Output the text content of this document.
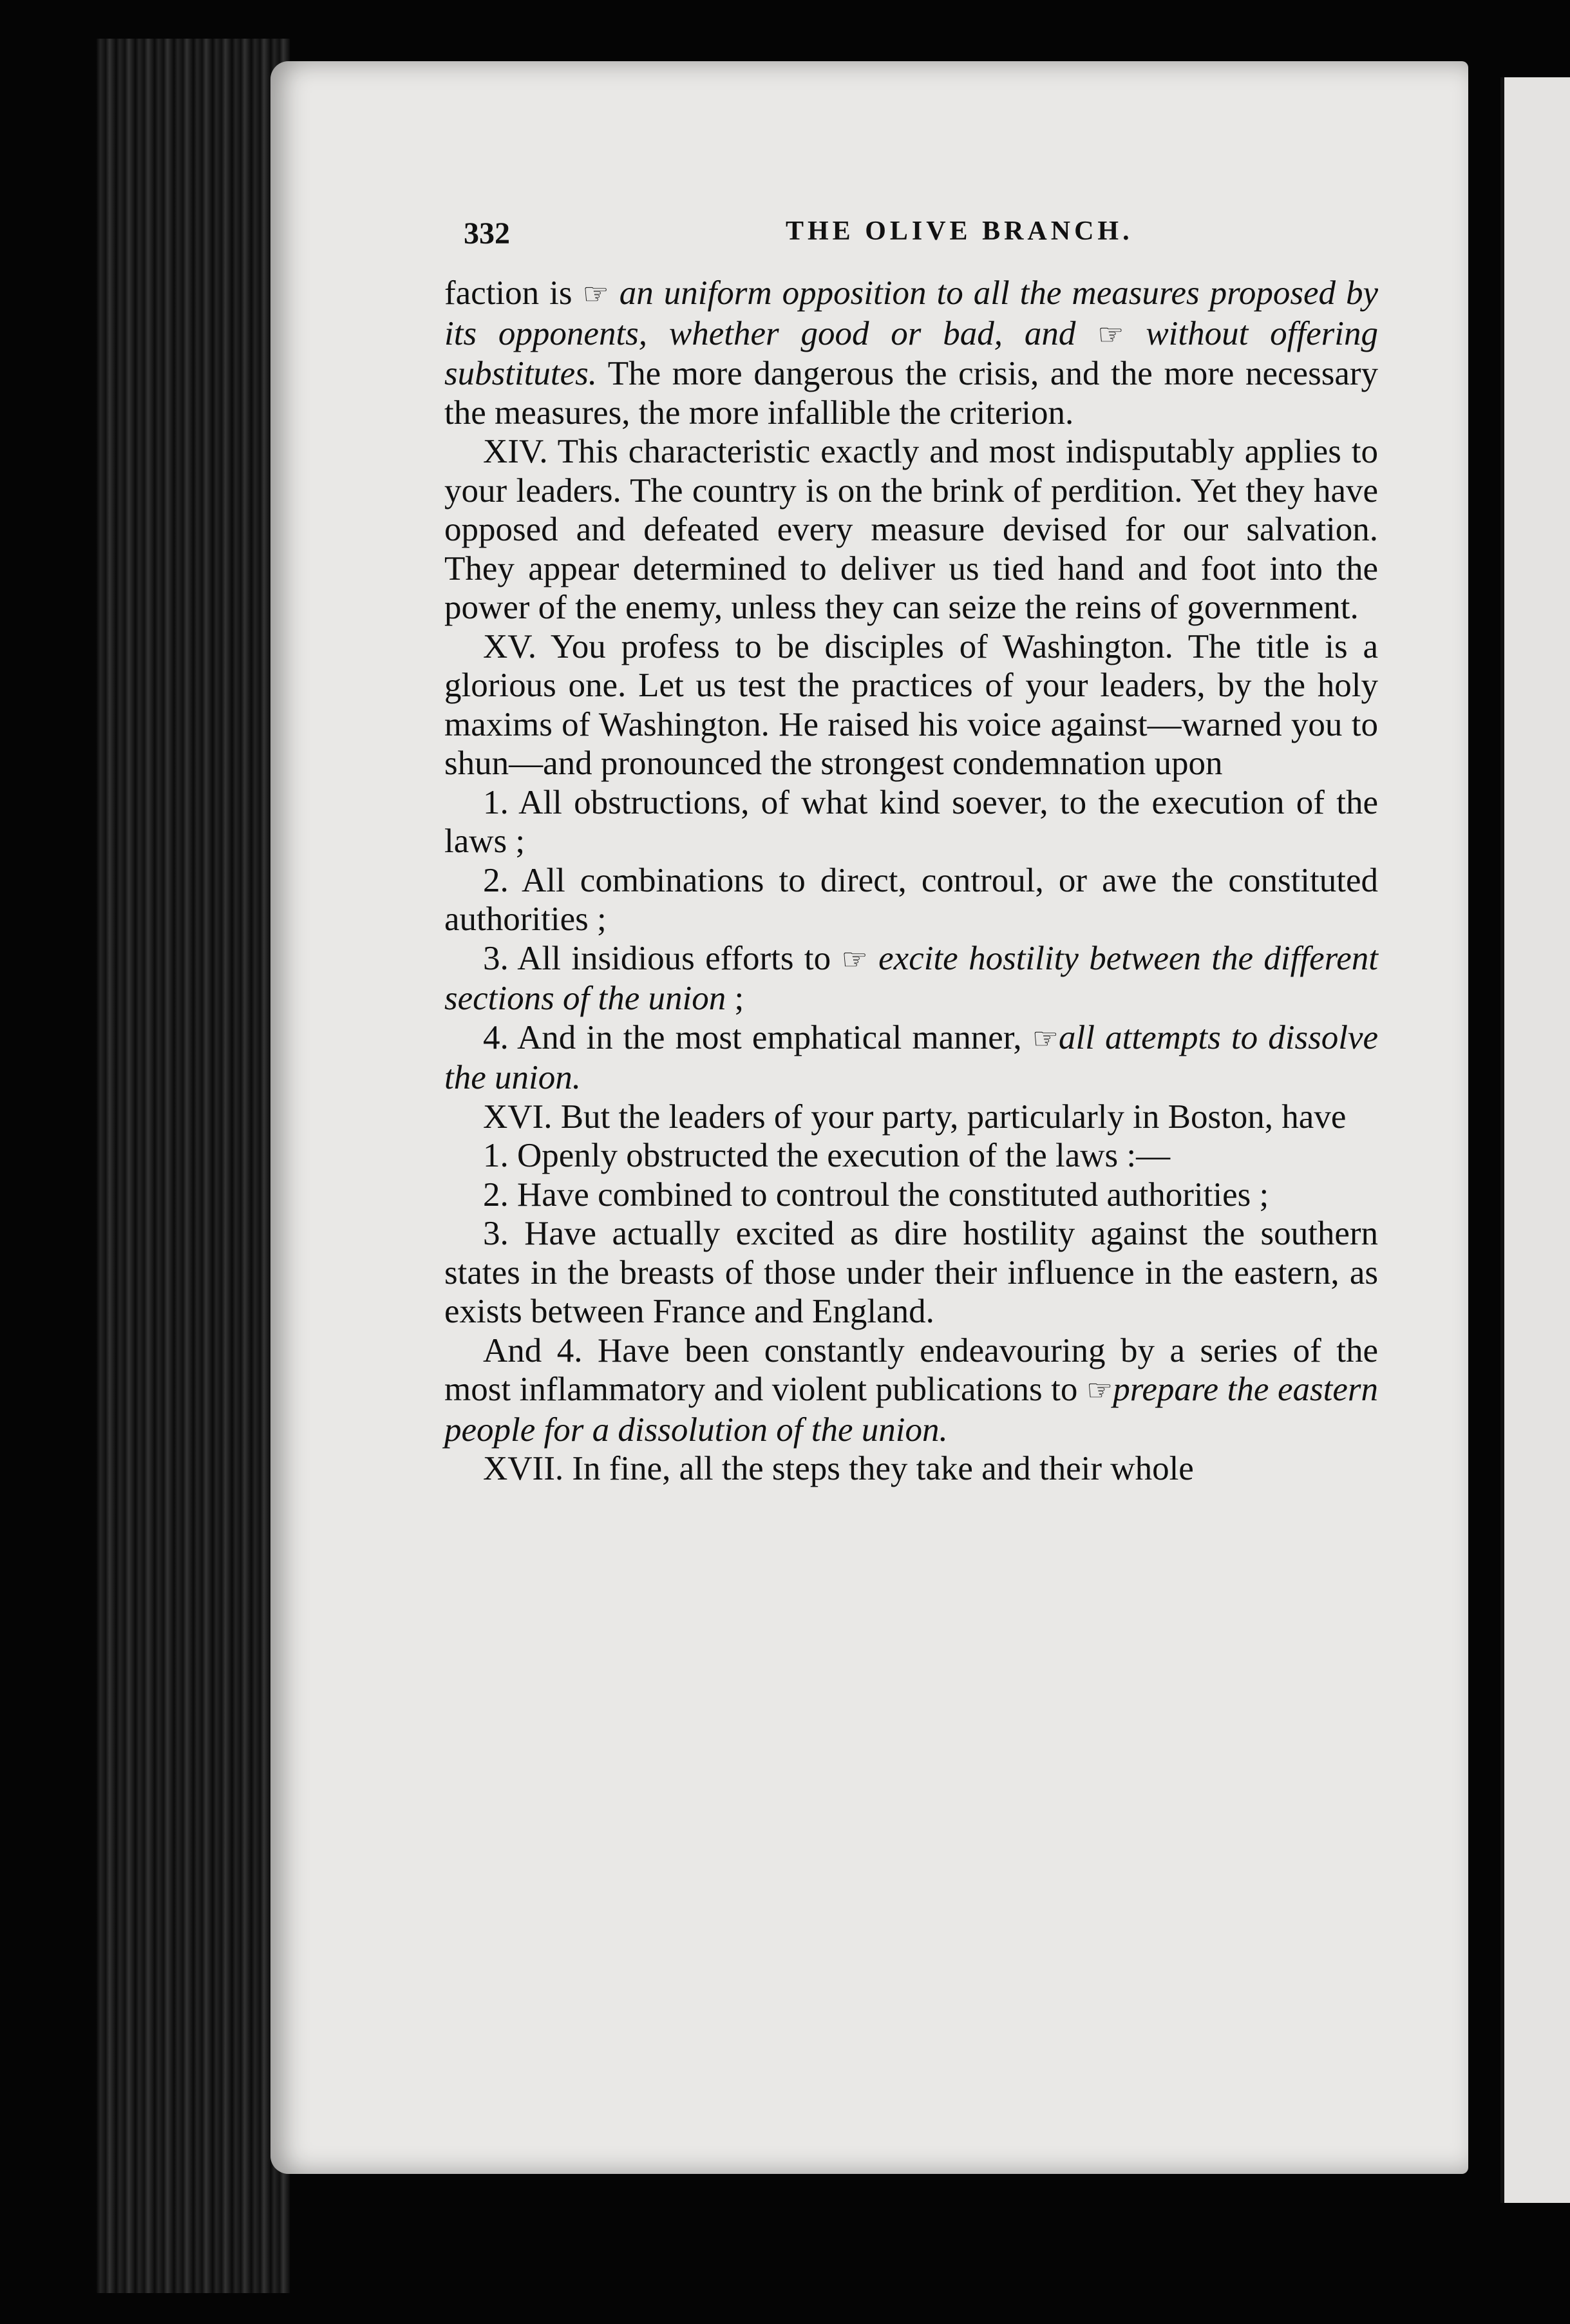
332	THE OLIVE BRANCH.

faction is ☞ an uniform opposition to all the measures proposed by its opponents, whether good or bad, and ☞ without offering substitutes. The more dangerous the crisis, and the more necessary the measures, the more infallible the criterion.

XIV. This characteristic exactly and most indisputably applies to your leaders. The country is on the brink of perdition. Yet they have opposed and defeated every measure devised for our salvation. They appear determined to deliver us tied hand and foot into the power of the enemy, unless they can seize the reins of government.

XV. You profess to be disciples of Washington. The title is a glorious one. Let us test the practices of your leaders, by the holy maxims of Washington. He raised his voice against—warned you to shun—and pronounced the strongest condemnation upon

1. All obstructions, of what kind soever, to the execution of the laws ;

2. All combinations to direct, controul, or awe the constituted authorities ;

3. All insidious efforts to ☞ excite hostility between the different sections of the union ;

4. And in the most emphatical manner, ☞all attempts to dissolve the union.

XVI. But the leaders of your party, particularly in Boston, have

1. Openly obstructed the execution of the laws :—

2. Have combined to controul the constituted authorities ;

3. Have actually excited as dire hostility against the southern states in the breasts of those under their influence in the eastern, as exists between France and England.

And 4. Have been constantly endeavouring by a series of the most inflammatory and violent publications to ☞prepare the eastern people for a dissolution of the union.

XVII. In fine, all the steps they take and their whole
